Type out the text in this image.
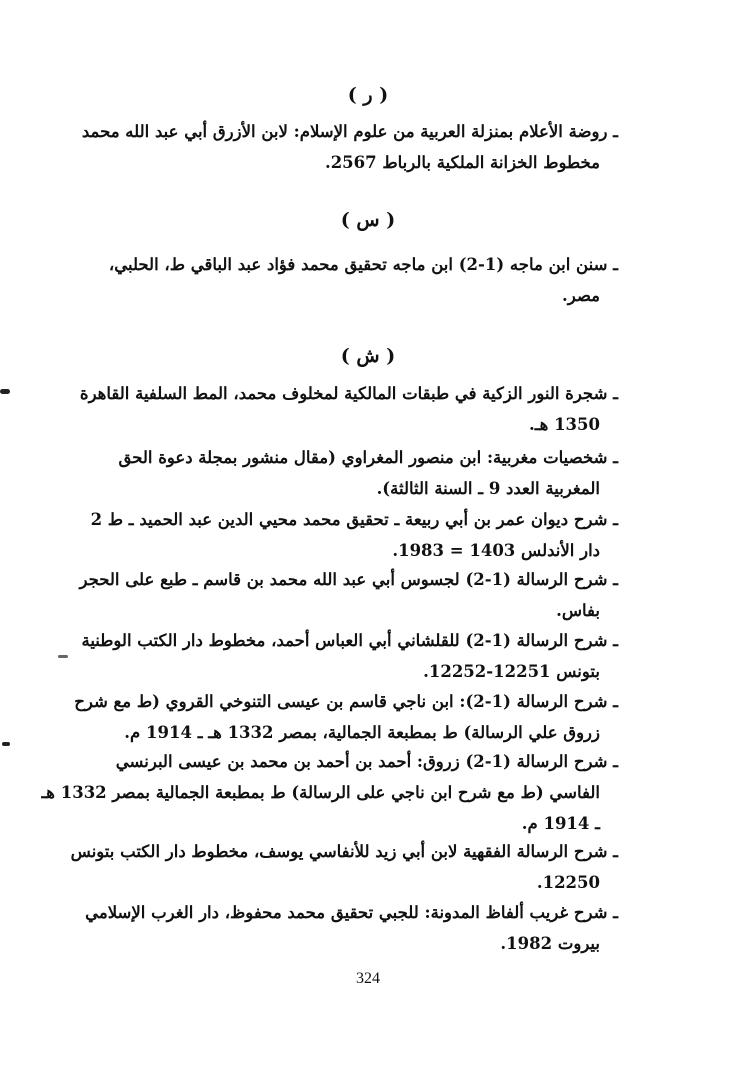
( ر )
ـ روضة الأعلام بمنزلة العربية من علوم الإسلام: لابن الأزرق أبي عبد الله محمد
مخطوط الخزانة الملكية بالرباط 2567.
( س )
ـ سنن ابن ماجه (1-2) ابن ماجه تحقيق محمد فؤاد عبد الباقي ط، الحلبي،
مصر.
( ش )
ـ شجرة النور الزكية في طبقات المالكية لمخلوف محمد، المط السلفية القاهرة
1350 هـ.
ـ شخصيات مغربية: ابن منصور المغراوي (مقال منشور بمجلة دعوة الحق
المغربية العدد 9 ـ السنة الثالثة).
ـ شرح ديوان عمر بن أبي ربيعة ـ تحقيق محمد محيي الدين عبد الحميد ـ ط 2
دار الأندلس 1403 = 1983.
ـ شرح الرسالة (1-2) لجسوس أبي عبد الله محمد بن قاسم ـ طبع على الحجر
بفاس.
ـ شرح الرسالة (1-2) للقلشاني أبي العباس أحمد، مخطوط دار الكتب الوطنية
بتونس 12251-12252.
ـ شرح الرسالة (1-2): ابن ناجي قاسم بن عيسى التنوخي القروي (ط مع شرح
زروق علي الرسالة) ط بمطبعة الجمالية، بمصر 1332 هـ ـ 1914 م.
ـ شرح الرسالة (1-2) زروق: أحمد بن أحمد بن محمد بن عيسى البرنسي
الفاسي (ط مع شرح ابن ناجي على الرسالة) ط بمطبعة الجمالية بمصر 1332 هـ
ـ 1914 م.
ـ شرح الرسالة الفقهية لابن أبي زيد للأنفاسي يوسف، مخطوط دار الكتب بتونس
12250.
ـ شرح غريب ألفاظ المدونة: للجبي تحقيق محمد محفوظ، دار الغرب الإسلامي
بيروت 1982.
324
